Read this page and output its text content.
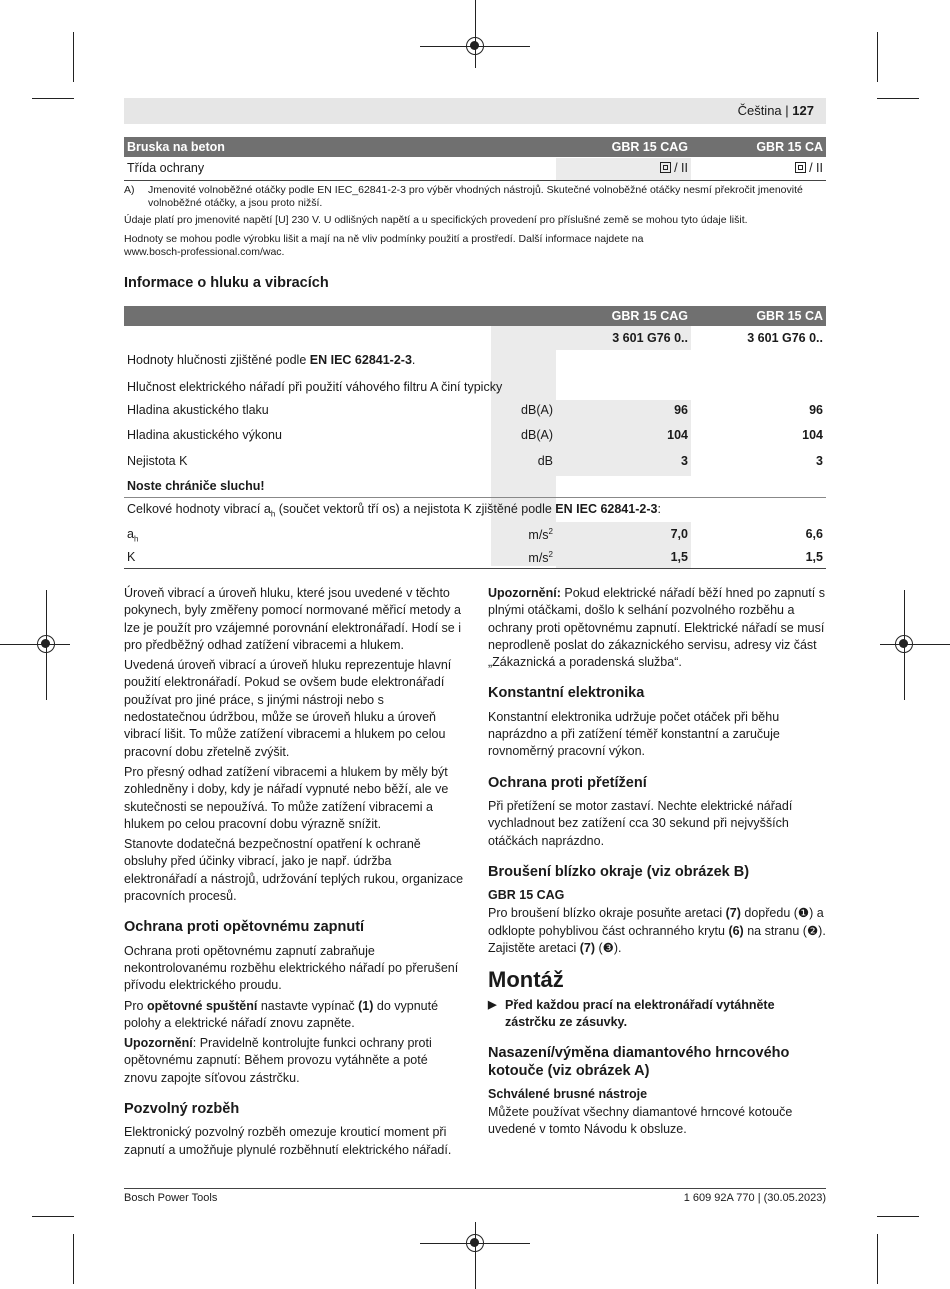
Čeština | 127
Bruska na beton	GBR 15 CAG	GBR 15 CA
Třída ochrany	/ II	/ II
A)	Jmenovité volnoběžné otáčky podle EN IEC_62841-2-3 pro výběr vhodných nástrojů. Skutečné volnoběžné otáčky nesmí překročit jmenovité volnoběžné otáčky, a jsou proto nižší.
Údaje platí pro jmenovité napětí [U] 230 V. U odlišných napětí a u specifických provedení pro příslušné země se mohou tyto údaje lišit.
Hodnoty se mohou podle výrobku lišit a mají na ně vliv podmínky použití a prostředí. Další informace najdete na www.bosch-professional.com/wac.
Informace o hluku a vibracích
GBR 15 CAG	GBR 15 CA
3 601 G76 0..	3 601 G76 0..
Hodnoty hlučnosti zjištěné podle EN IEC 62841-2-3.
Hlučnost elektrického nářadí při použití váhového filtru A činí typicky
Hladina akustického tlaku	dB(A)	96	96
Hladina akustického výkonu	dB(A)	104	104
Nejistota K	dB	3	3
Noste chrániče sluchu!
Celkové hodnoty vibrací $a_h$ (součet vektorů tří os) a nejistota K zjištěné podle EN IEC 62841-2-3:
$a_h$	$m/s^2$	7,0	6,6
K	$m/s^2$	1,5	1,5

Úroveň vibrací a úroveň hluku, které jsou uvedené v těchto pokynech, byly změřeny pomocí normované měřicí metody a lze je použít pro vzájemné porovnání elektronářadí. Hodí se i pro předběžný odhad zatížení vibracemi a hlukem.

Uvedená úroveň vibrací a úroveň hluku reprezentuje hlavní použití elektronářadí. Pokud se ovšem bude elektronářadí používat pro jiné práce, s jinými nástroji nebo s nedostatečnou údržbou, může se úroveň hluku a úroveň vibrací lišit. To může zatížení vibracemi a hlukem po celou pracovní dobu zřetelně zvýšit.

Pro přesný odhad zatížení vibracemi a hlukem by měly být zohledněny i doby, kdy je nářadí vypnuté nebo běží, ale ve skutečnosti se nepoužívá. To může zatížení vibracemi a hlukem po celou pracovní dobu výrazně snížit.

Stanovte dodatečná bezpečnostní opatření k ochraně obsluhy před účinky vibrací, jako je např. údržba elektronářadí a nástrojů, udržování teplých rukou, organizace pracovních procesů.

Ochrana proti opětovnému zapnutí

Ochrana proti opětovnému zapnutí zabraňuje nekontrolovanému rozběhu elektrického nářadí po přerušení přívodu elektrického proudu.

Pro opětovné spuštění nastavte vypínač (1) do vypnuté polohy a elektrické nářadí znovu zapněte.

Upozornění: Pravidelně kontrolujte funkci ochrany proti opětovnému zapnutí: Během provozu vytáhněte a poté znovu zapojte síťovou zástrčku.

Pozvolný rozběh

Elektronický pozvolný rozběh omezuje krouticí moment při zapnutí a umožňuje plynulé rozběhnutí elektrického nářadí.

Upozornění: Pokud elektrické nářadí běží hned po zapnutí s plnými otáčkami, došlo k selhání pozvolného rozběhu a ochrany proti opětovnému zapnutí. Elektrické nářadí se musí neprodleně poslat do zákaznického servisu, adresy viz část „Zákaznická a poradenská služba“.

Konstantní elektronika

Konstantní elektronika udržuje počet otáček při běhu naprázdno a při zatížení téměř konstantní a zaručuje rovnoměrný pracovní výkon.

Ochrana proti přetížení

Při přetížení se motor zastaví. Nechte elektrické nářadí vychladnout bez zatížení cca 30 sekund při nejvyšších otáčkách naprázdno.

Broušení blízko okraje (viz obrázek B)
GBR 15 CAG

Pro broušení blízko okraje posuňte aretaci (7) dopředu (❶) a odklopte pohyblivou část ochranného krytu (6) na stranu (❷). Zajistěte aretaci (7) (❸).

Montáž

▶ Před každou prací na elektronářadí vytáhněte zástrčku ze zásuvky.

Nasazení/výměna diamantového hrncového kotouče (viz obrázek A)
Schválené brusné nástroje

Můžete používat všechny diamantové hrncové kotouče uvedené v tomto Návodu k obsluze.

Bosch Power Tools	1 609 92A 770 | (30.05.2023)
